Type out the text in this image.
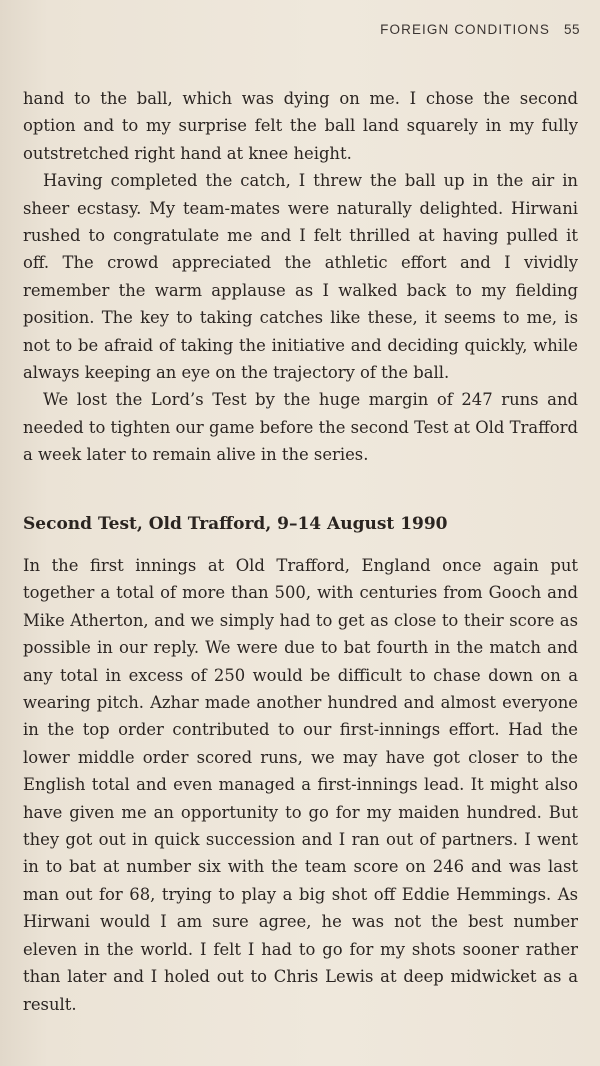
FOREIGN CONDITIONS 55

hand to the ball, which was dying on me. I chose the second option and to my surprise felt the ball land squarely in my fully outstretched right hand at knee height.

Having completed the catch, I threw the ball up in the air in sheer ecstasy. My team-mates were naturally delighted. Hirwani rushed to congratulate me and I felt thrilled at having pulled it off. The crowd appreciated the athletic effort and I vividly remember the warm applause as I walked back to my fielding position. The key to taking catches like these, it seems to me, is not to be afraid of taking the initiative and deciding quickly, while always keeping an eye on the trajectory of the ball.

We lost the Lord’s Test by the huge margin of 247 runs and needed to tighten our game before the second Test at Old Trafford a week later to remain alive in the series.

Second Test, Old Trafford, 9–14 August 1990

In the first innings at Old Trafford, England once again put together a total of more than 500, with centuries from Gooch and Mike Atherton, and we simply had to get as close to their score as possible in our reply. We were due to bat fourth in the match and any total in excess of 250 would be difficult to chase down on a wearing pitch. Azhar made another hundred and almost everyone in the top order contributed to our first-innings effort. Had the lower middle order scored runs, we may have got closer to the English total and even managed a first-innings lead. It might also have given me an opportunity to go for my maiden hundred. But they got out in quick succession and I ran out of partners. I went in to bat at number six with the team score on 246 and was last man out for 68, trying to play a big shot off Eddie Hemmings. As Hirwani would I am sure agree, he was not the best number eleven in the world. I felt I had to go for my shots sooner rather than later and I holed out to Chris Lewis at deep midwicket as a result.
